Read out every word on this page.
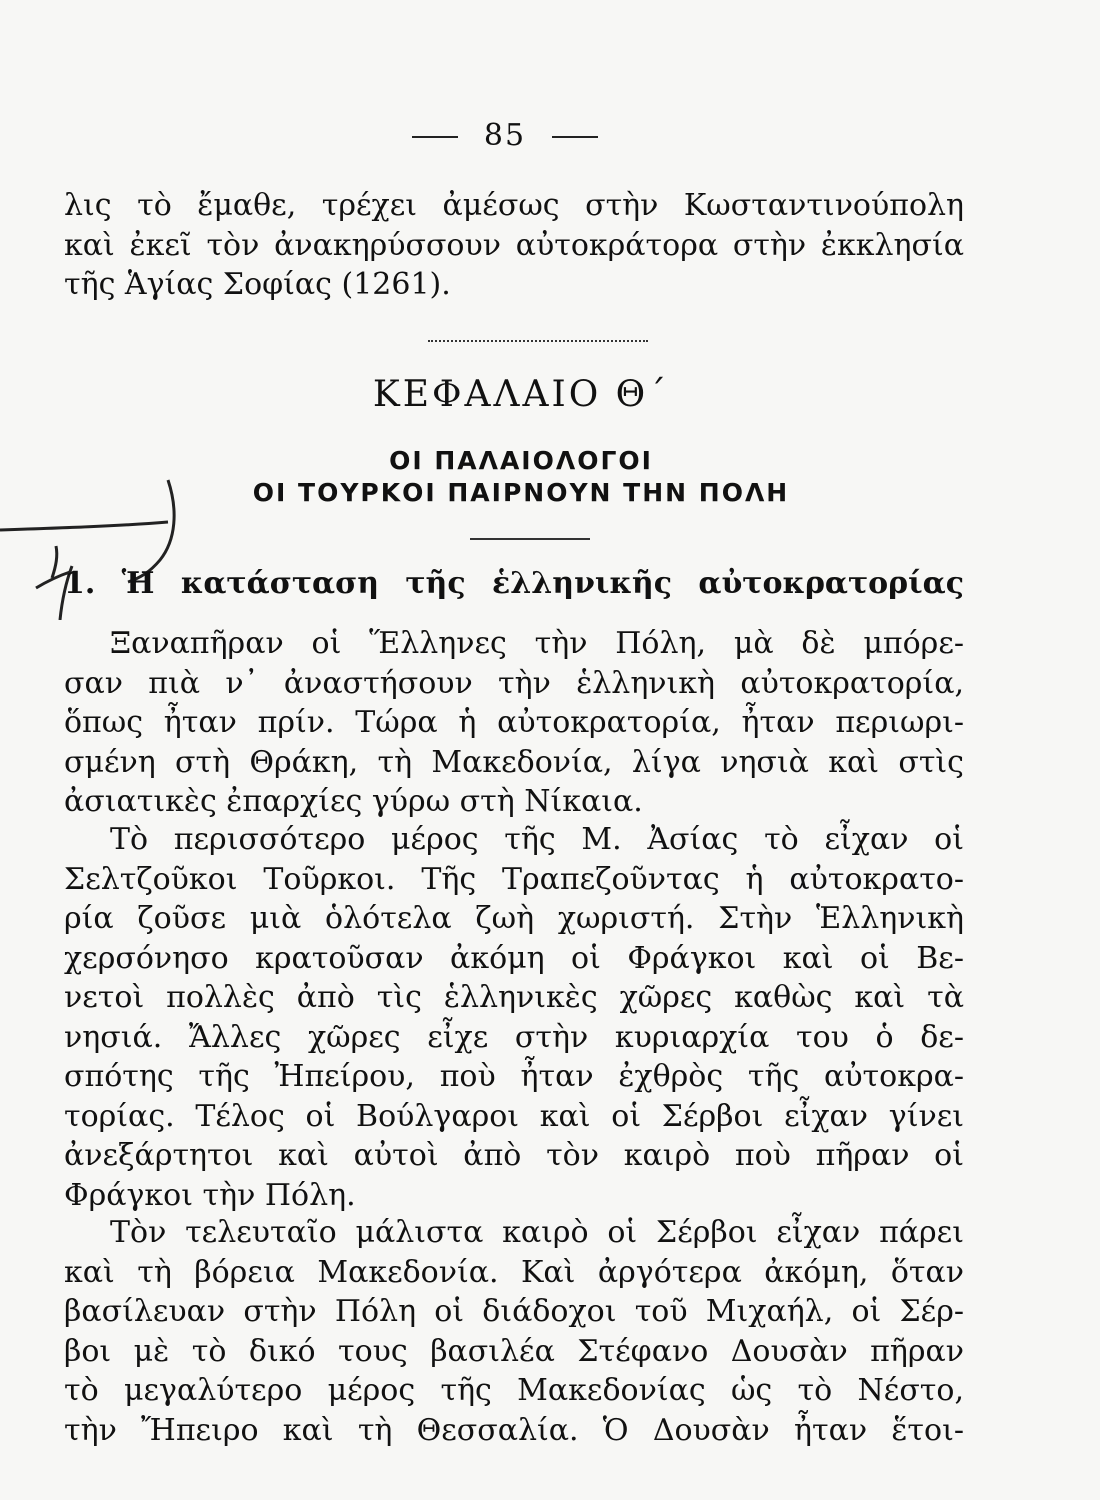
85
λις τὸ ἔμαθε, τρέχει ἀμέσως στὴν Κωσταντινούπολη
καὶ ἐκεῖ τὸν ἀνακηρύσσουν αὐτοκράτορα στὴν ἐκκλησία
τῆς Ἁγίας Σοφίας (1261).
ΚΕΦΑΛΑΙΟ Θ΄
ΟΙ ΠΑΛΑΙΟΛΟΓΟΙ
ΟΙ ΤΟΥΡΚΟΙ ΠΑΙΡΝΟΥΝ ΤΗΝ ΠΟΛΗ
1. Ἡ κατάσταση τῆς ἑλληνικῆς αὐτοκρατορίας
Ξαναπῆραν οἱ Ἕλληνες τὴν Πόλη, μὰ δὲ μπόρε-
σαν πιὰ ν᾿ ἀναστήσουν τὴν ἑλληνικὴ αὐτοκρατορία,
ὅπως ἦταν πρίν. Τώρα ἡ αὐτοκρατορία, ἦταν περιωρι-
σμένη στὴ Θράκη, τὴ Μακεδονία, λίγα νησιὰ καὶ στὶς
ἀσιατικὲς ἐπαρχίες γύρω στὴ Νίκαια.
Τὸ περισσότερο μέρος τῆς Μ. Ἀσίας τὸ εἶχαν οἱ
Σελτζοῦκοι Τοῦρκοι. Τῆς Τραπεζοῦντας ἡ αὐτοκρατο-
ρία ζοῦσε μιὰ ὁλότελα ζωὴ χωριστή. Στὴν Ἑλληνικὴ
χερσόνησο κρατοῦσαν ἀκόμη οἱ Φράγκοι καὶ οἱ Βε-
νετοὶ πολλὲς ἀπὸ τὶς ἑλληνικὲς χῶρες καθὼς καὶ τὰ
νησιά. Ἄλλες χῶρες εἶχε στὴν κυριαρχία του ὁ δε-
σπότης τῆς Ἠπείρου, ποὺ ἦταν ἐχθρὸς τῆς αὐτοκρα-
τορίας. Τέλος οἱ Βούλγαροι καὶ οἱ Σέρβοι εἶχαν γίνει
ἀνεξάρτητοι καὶ αὐτοὶ ἀπὸ τὸν καιρὸ ποὺ πῆραν οἱ
Φράγκοι τὴν Πόλη.
Τὸν τελευταῖο μάλιστα καιρὸ οἱ Σέρβοι εἶχαν πάρει
καὶ τὴ βόρεια Μακεδονία. Καὶ ἀργότερα ἀκόμη, ὅταν
βασίλευαν στὴν Πόλη οἱ διάδοχοι τοῦ Μιχαήλ, οἱ Σέρ-
βοι μὲ τὸ δικό τους βασιλέα Στέφανο Δουσὰν πῆραν
τὸ μεγαλύτερο μέρος τῆς Μακεδονίας ὡς τὸ Νέστο,
τὴν Ἤπειρο καὶ τὴ Θεσσαλία. Ὁ Δουσὰν ἦταν ἕτοι-
